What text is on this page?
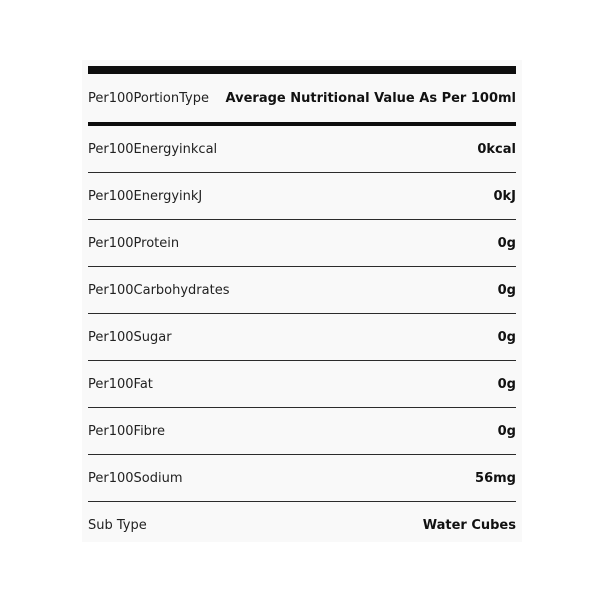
Per100PortionType Average Nutritional Value As Per 100ml
Per100Energyinkcal	0kcal
Per100EnergyinkJ	0kJ
Per100Protein	0g
Per100Carbohydrates	0g
Per100Sugar	0g
Per100Fat	0g
Per100Fibre	0g
Per100Sodium	56mg
Sub Type	Water Cubes
